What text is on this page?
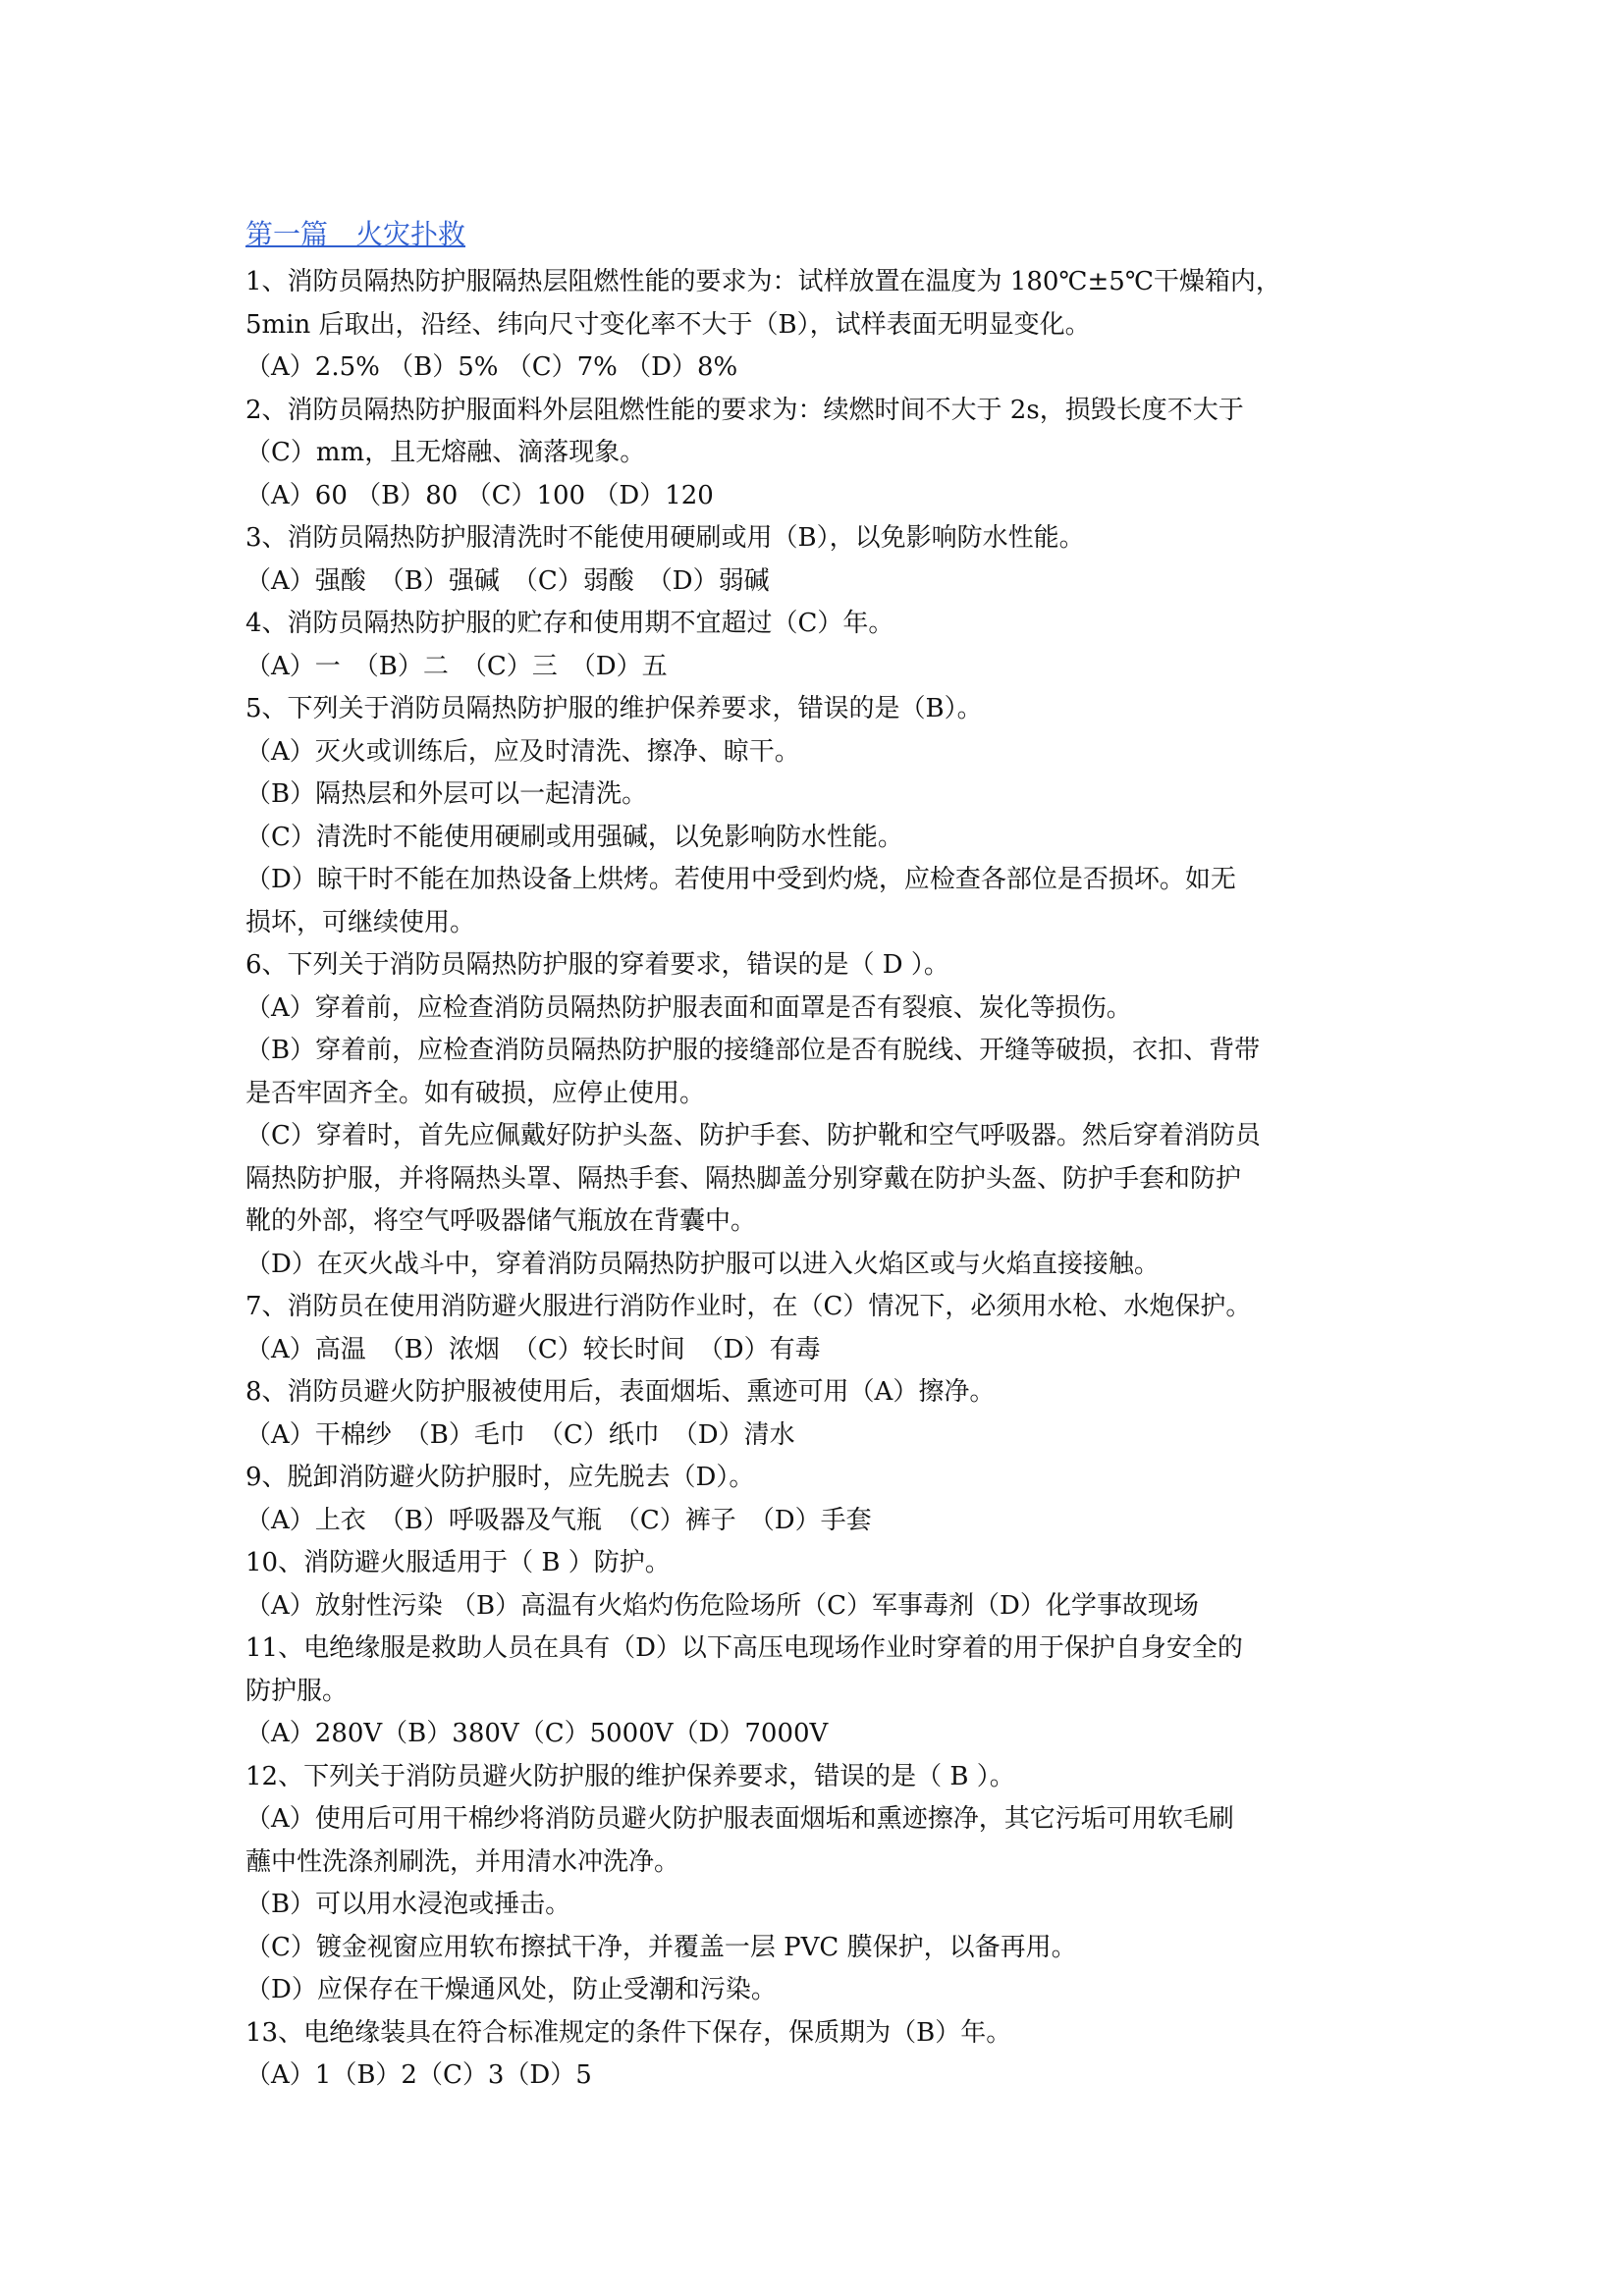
第一篇　火灾扑救
1、消防员隔热防护服隔热层阻燃性能的要求为：试样放置在温度为 180℃±5℃干燥箱内，
5min 后取出，沿经、纬向尺寸变化率不大于（B），试样表面无明显变化。
（A）2.5% （B）5% （C）7% （D）8%
2、消防员隔热防护服面料外层阻燃性能的要求为：续燃时间不大于 2s，损毁长度不大于
（C）mm，且无熔融、滴落现象。
（A）60 （B）80 （C）100 （D）120
3、消防员隔热防护服清洗时不能使用硬刷或用（B），以免影响防水性能。
（A）强酸　（B）强碱　（C）弱酸　（D）弱碱
4、消防员隔热防护服的贮存和使用期不宜超过（C）年。
（A）一　（B）二　（C）三　（D）五
5、下列关于消防员隔热防护服的维护保养要求，错误的是（B）。
（A）灭火或训练后，应及时清洗、擦净、晾干。
（B）隔热层和外层可以一起清洗。
（C）清洗时不能使用硬刷或用强碱，以免影响防水性能。
（D）晾干时不能在加热设备上烘烤。若使用中受到灼烧，应检查各部位是否损坏。如无
损坏，可继续使用。
6、下列关于消防员隔热防护服的穿着要求，错误的是（ D ）。
（A）穿着前，应检查消防员隔热防护服表面和面罩是否有裂痕、炭化等损伤。
（B）穿着前，应检查消防员隔热防护服的接缝部位是否有脱线、开缝等破损，衣扣、背带
是否牢固齐全。如有破损，应停止使用。
（C）穿着时，首先应佩戴好防护头盔、防护手套、防护靴和空气呼吸器。然后穿着消防员
隔热防护服，并将隔热头罩、隔热手套、隔热脚盖分别穿戴在防护头盔、防护手套和防护
靴的外部，将空气呼吸器储气瓶放在背囊中。
（D）在灭火战斗中，穿着消防员隔热防护服可以进入火焰区或与火焰直接接触。
7、消防员在使用消防避火服进行消防作业时，在（C）情况下，必须用水枪、水炮保护。
（A）高温　（B）浓烟　（C）较长时间　（D）有毒
8、消防员避火防护服被使用后，表面烟垢、熏迹可用（A）擦净。
（A）干棉纱　（B）毛巾　（C）纸巾　（D）清水
9、脱卸消防避火防护服时，应先脱去（D）。
（A）上衣　（B）呼吸器及气瓶　（C）裤子　（D）手套
10、消防避火服适用于（ B ）防护。
（A）放射性污染 （B）高温有火焰灼伤危险场所（C）军事毒剂（D）化学事故现场
11、电绝缘服是救助人员在具有（D）以下高压电现场作业时穿着的用于保护自身安全的
防护服。
（A）280V（B）380V（C）5000V（D）7000V
12、下列关于消防员避火防护服的维护保养要求，错误的是（ B ）。
（A）使用后可用干棉纱将消防员避火防护服表面烟垢和熏迹擦净，其它污垢可用软毛刷
蘸中性洗涤剂刷洗，并用清水冲洗净。
（B）可以用水浸泡或捶击。
（C）镀金视窗应用软布擦拭干净，并覆盖一层 PVC 膜保护，以备再用。
（D）应保存在干燥通风处，防止受潮和污染。
13、电绝缘装具在符合标准规定的条件下保存，保质期为（B）年。
（A）1（B）2（C）3（D）5
